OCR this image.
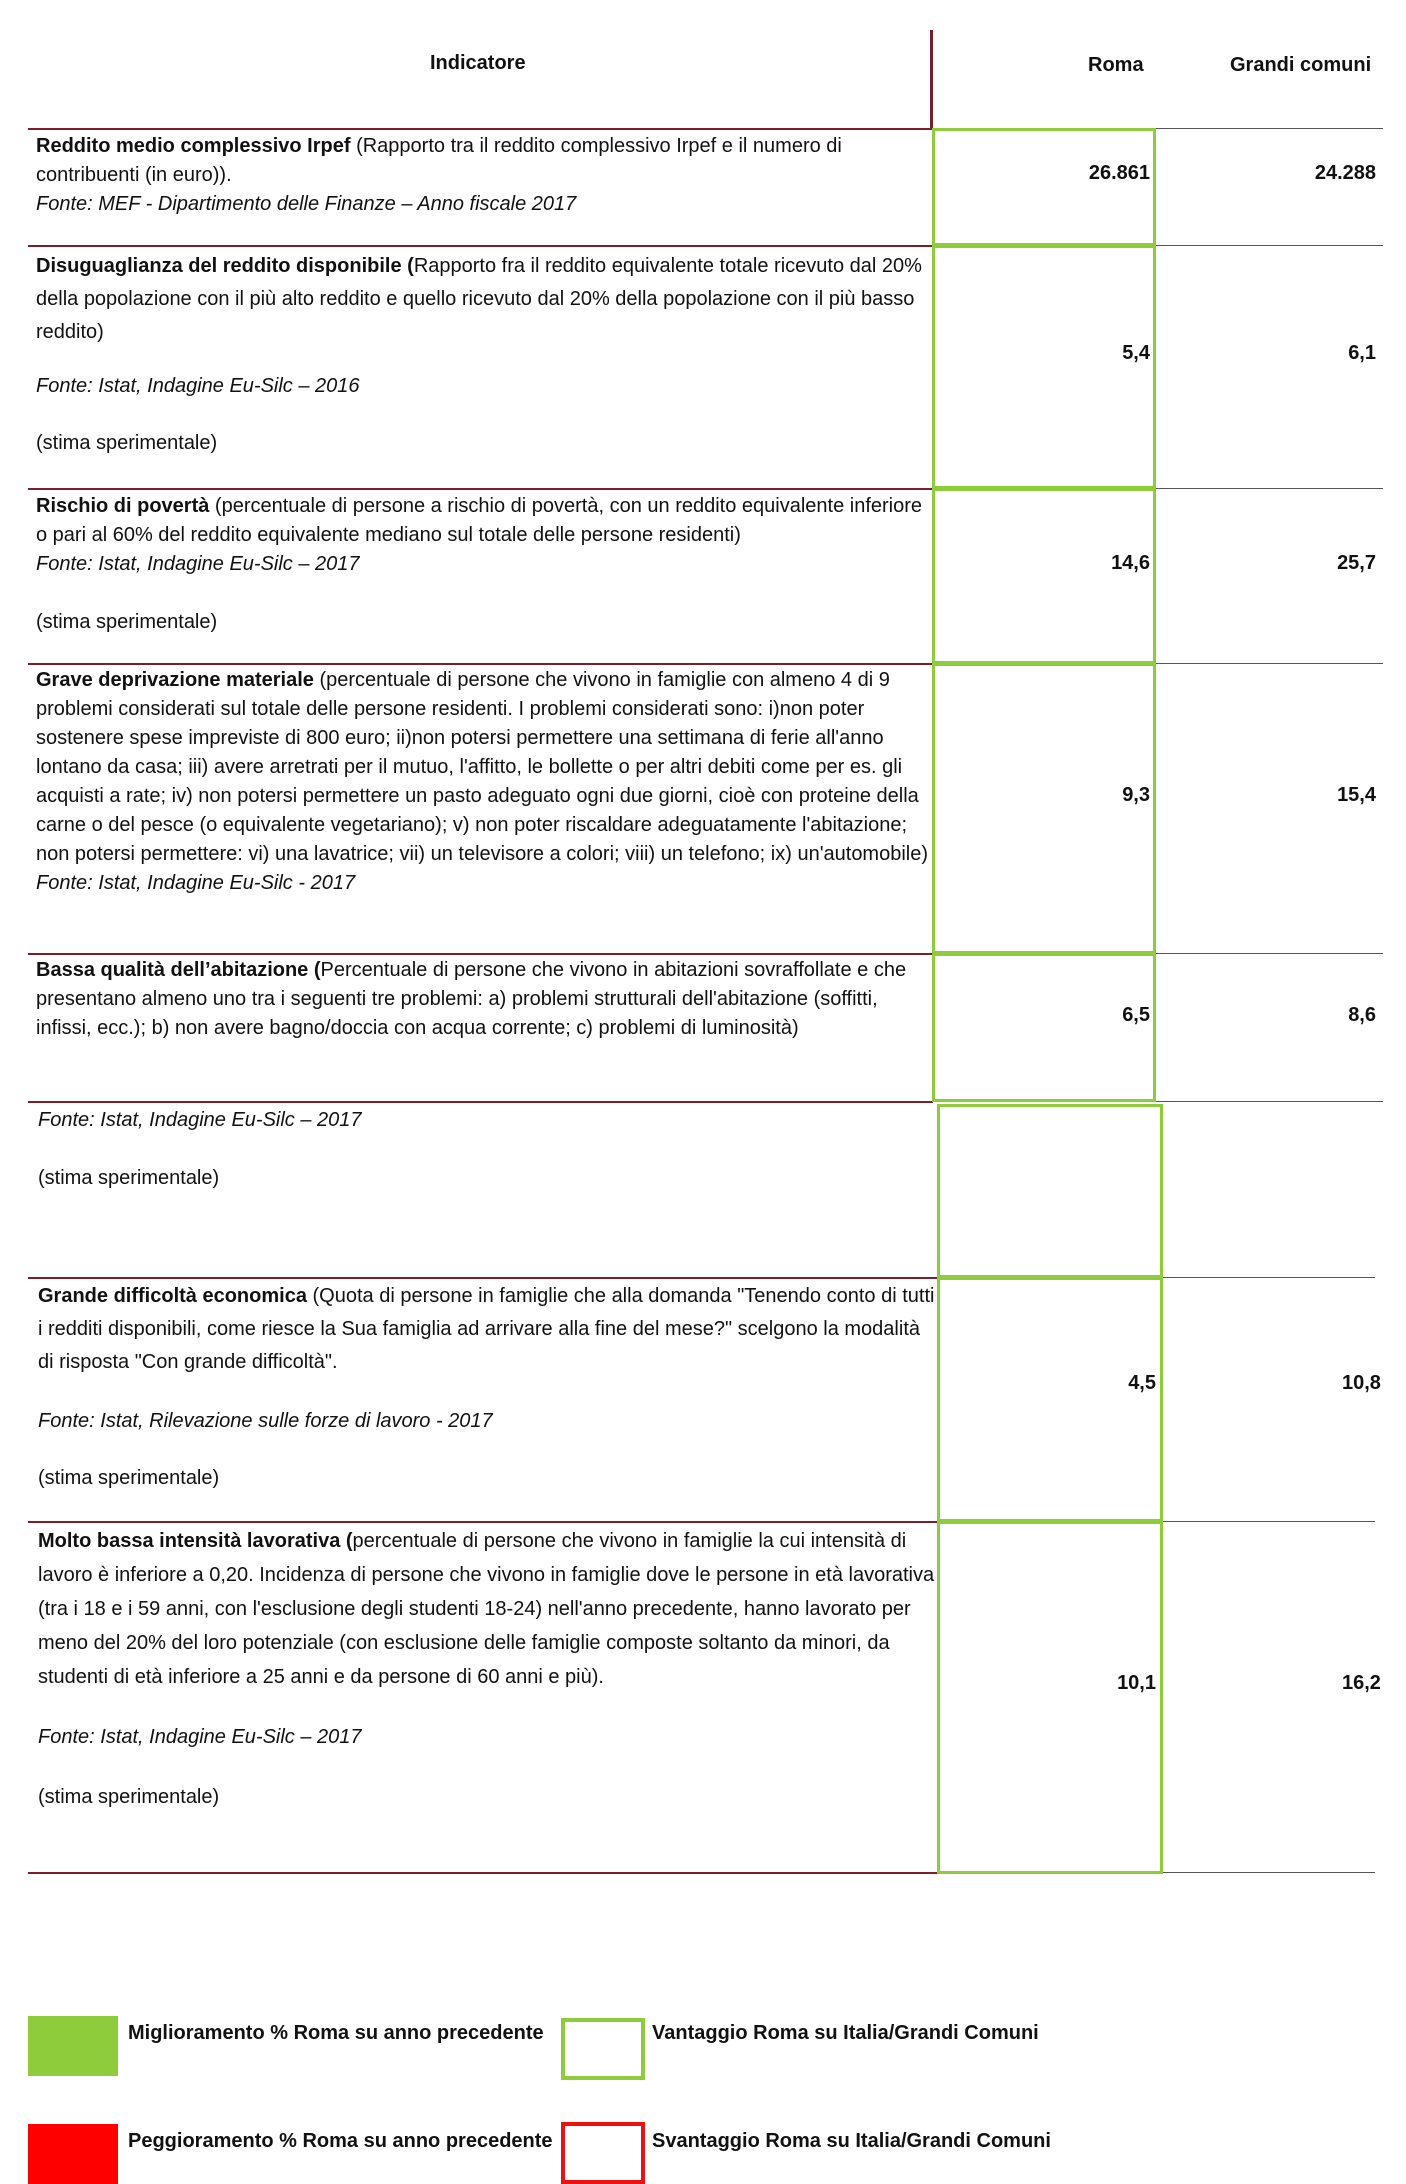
Indicatore	Roma	Grandi comuni
Reddito medio complessivo Irpef (Rapporto tra il reddito complessivo Irpef e il numero di contribuenti (in euro)).
Fonte: MEF - Dipartimento delle Finanze – Anno fiscale 2017
26.861	24.288
Disuguaglianza del reddito disponibile (Rapporto fra il reddito equivalente totale ricevuto dal 20% della popolazione con il più alto reddito e quello ricevuto dal 20% della popolazione con il più basso reddito)
Fonte: Istat, Indagine Eu-Silc – 2016
(stima sperimentale)
5,4	6,1
Rischio di povertà (percentuale di persone a rischio di povertà, con un reddito equivalente inferiore o pari al 60% del reddito equivalente mediano sul totale delle persone residenti)
Fonte: Istat, Indagine Eu-Silc – 2017
(stima sperimentale)
14,6	25,7
Grave deprivazione materiale (percentuale di persone che vivono in famiglie con almeno 4 di 9 problemi considerati sul totale delle persone residenti. I problemi considerati sono: i)non poter sostenere spese impreviste di 800 euro; ii)non potersi permettere una settimana di ferie all'anno lontano da casa; iii) avere arretrati per il mutuo, l'affitto, le bollette o per altri debiti come per es. gli acquisti a rate; iv) non potersi permettere un pasto adeguato ogni due giorni, cioè con proteine della carne o del pesce (o equivalente vegetariano); v) non poter riscaldare adeguatamente l'abitazione; non potersi permettere: vi) una lavatrice; vii) un televisore a colori; viii) un telefono; ix) un'automobile)
Fonte: Istat, Indagine Eu-Silc - 2017
9,3	15,4
Bassa qualità dell’abitazione (Percentuale di persone che vivono in abitazioni sovraffollate e che presentano almeno uno tra i seguenti tre problemi: a) problemi strutturali dell'abitazione (soffitti, infissi, ecc.); b) non avere bagno/doccia con acqua corrente; c) problemi di luminosità)
6,5	8,6
Fonte: Istat, Indagine Eu-Silc – 2017
(stima sperimentale)
Grande difficoltà economica (Quota di persone in famiglie che alla domanda "Tenendo conto di tutti i redditi disponibili, come riesce la Sua famiglia ad arrivare alla fine del mese?" scelgono la modalità di risposta "Con grande difficoltà".
Fonte: Istat, Rilevazione sulle forze di lavoro - 2017
(stima sperimentale)
4,5	10,8
Molto bassa intensità lavorativa (percentuale di persone che vivono in famiglie la cui intensità di lavoro è inferiore a 0,20. Incidenza di persone che vivono in famiglie dove le persone in età lavorativa (tra i 18 e i 59 anni, con l'esclusione degli studenti 18-24) nell'anno precedente, hanno lavorato per meno del 20% del loro potenziale (con esclusione delle famiglie composte soltanto da minori, da studenti di età inferiore a 25 anni e da persone di 60 anni e più).
Fonte: Istat, Indagine Eu-Silc – 2017
(stima sperimentale)
10,1	16,2
Miglioramento % Roma su anno precedente	Vantaggio Roma su Italia/Grandi Comuni
Peggioramento % Roma su anno precedente	Svantaggio Roma su Italia/Grandi Comuni
